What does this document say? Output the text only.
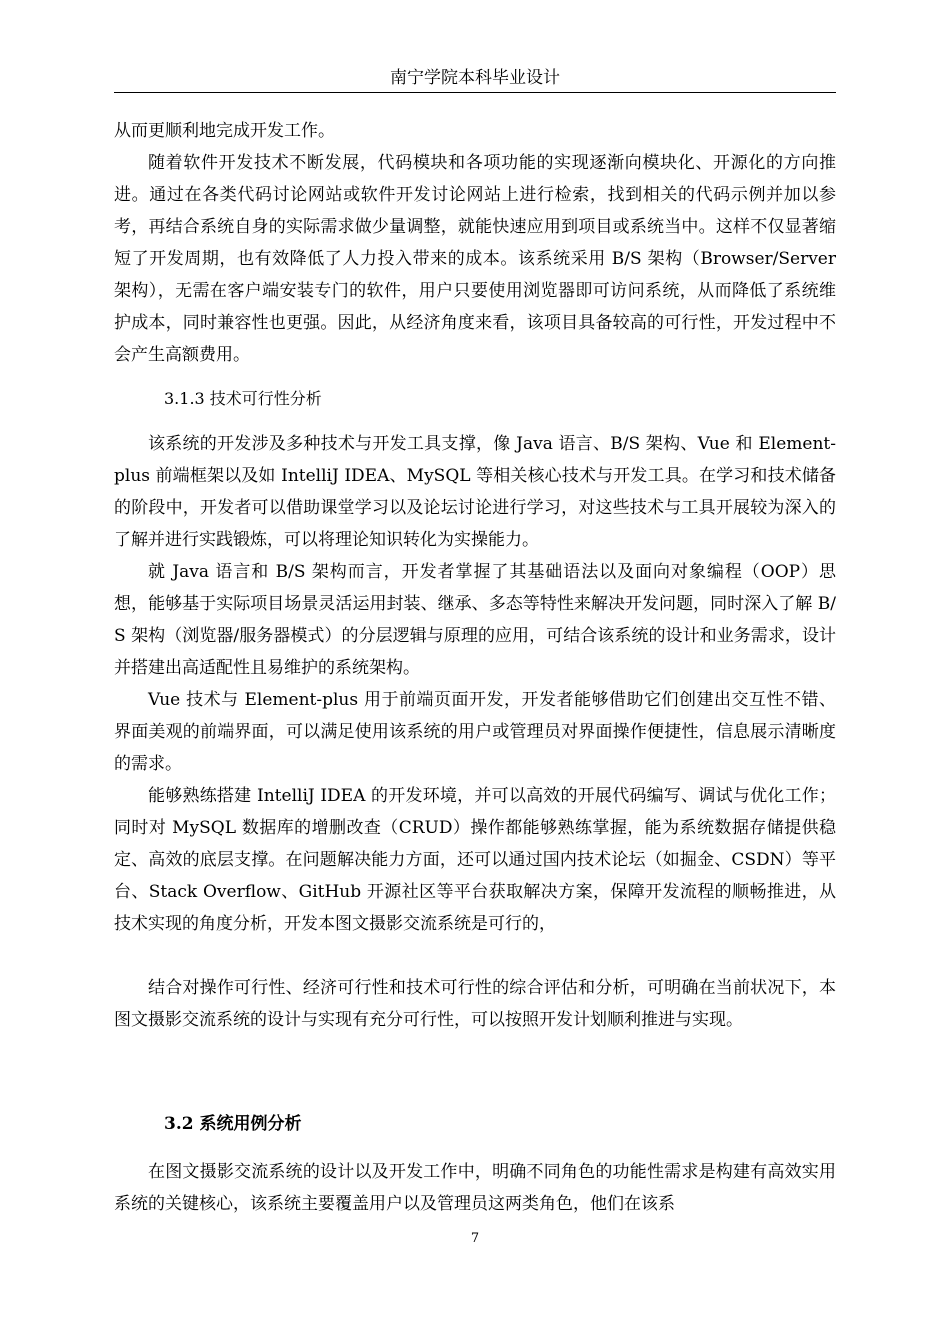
南宁学院本科毕业设计

从而更顺利地完成开发工作。

随着软件开发技术不断发展，代码模块和各项功能的实现逐渐向模块化、开源化的方向推进。通过在各类代码讨论网站或软件开发讨论网站上进行检索，找到相关的代码示例并加以参考，再结合系统自身的实际需求做少量调整，就能快速应用到项目或系统当中。这样不仅显著缩短了开发周期，也有效降低了人力投入带来的成本。该系统采用 B/S 架构（Browser/Server 架构），无需在客户端安装专门的软件，用户只要使用浏览器即可访问系统，从而降低了系统维护成本，同时兼容性也更强。因此，从经济角度来看，该项目具备较高的可行性，开发过程中不会产生高额费用。

3.1.3 技术可行性分析

该系统的开发涉及多种技术与开发工具支撑，像 Java 语言、B/S 架构、Vue 和 Element-plus 前端框架以及如 IntelliJ IDEA、MySQL 等相关核心技术与开发工具。在学习和技术储备的阶段中，开发者可以借助课堂学习以及论坛讨论进行学习，对这些技术与工具开展较为深入的了解并进行实践锻炼，可以将理论知识转化为实操能力。

就 Java 语言和 B/S 架构而言，开发者掌握了其基础语法以及面向对象编程（OOP）思想，能够基于实际项目场景灵活运用封装、继承、多态等特性来解决开发问题，同时深入了解 B/S 架构（浏览器/服务器模式）的分层逻辑与原理的应用，可结合该系统的设计和业务需求，设计并搭建出高适配性且易维护的系统架构。

Vue 技术与 Element-plus 用于前端页面开发，开发者能够借助它们创建出交互性不错、界面美观的前端界面，可以满足使用该系统的用户或管理员对界面操作便捷性，信息展示清晰度的需求。

能够熟练搭建 IntelliJ IDEA 的开发环境，并可以高效的开展代码编写、调试与优化工作；同时对 MySQL 数据库的增删改查（CRUD）操作都能够熟练掌握，能为系统数据存储提供稳定、高效的底层支撑。在问题解决能力方面，还可以通过国内技术论坛（如掘金、CSDN）等平台、Stack Overflow、GitHub 开源社区等平台获取解决方案，保障开发流程的顺畅推进，从技术实现的角度分析，开发本图文摄影交流系统是可行的，

结合对操作可行性、经济可行性和技术可行性的综合评估和分析，可明确在当前状况下，本图文摄影交流系统的设计与实现有充分可行性，可以按照开发计划顺利推进与实现。

3.2 系统用例分析

在图文摄影交流系统的设计以及开发工作中，明确不同角色的功能性需求是构建有高效实用系统的关键核心，该系统主要覆盖用户以及管理员这两类角色，他们在该系

7
